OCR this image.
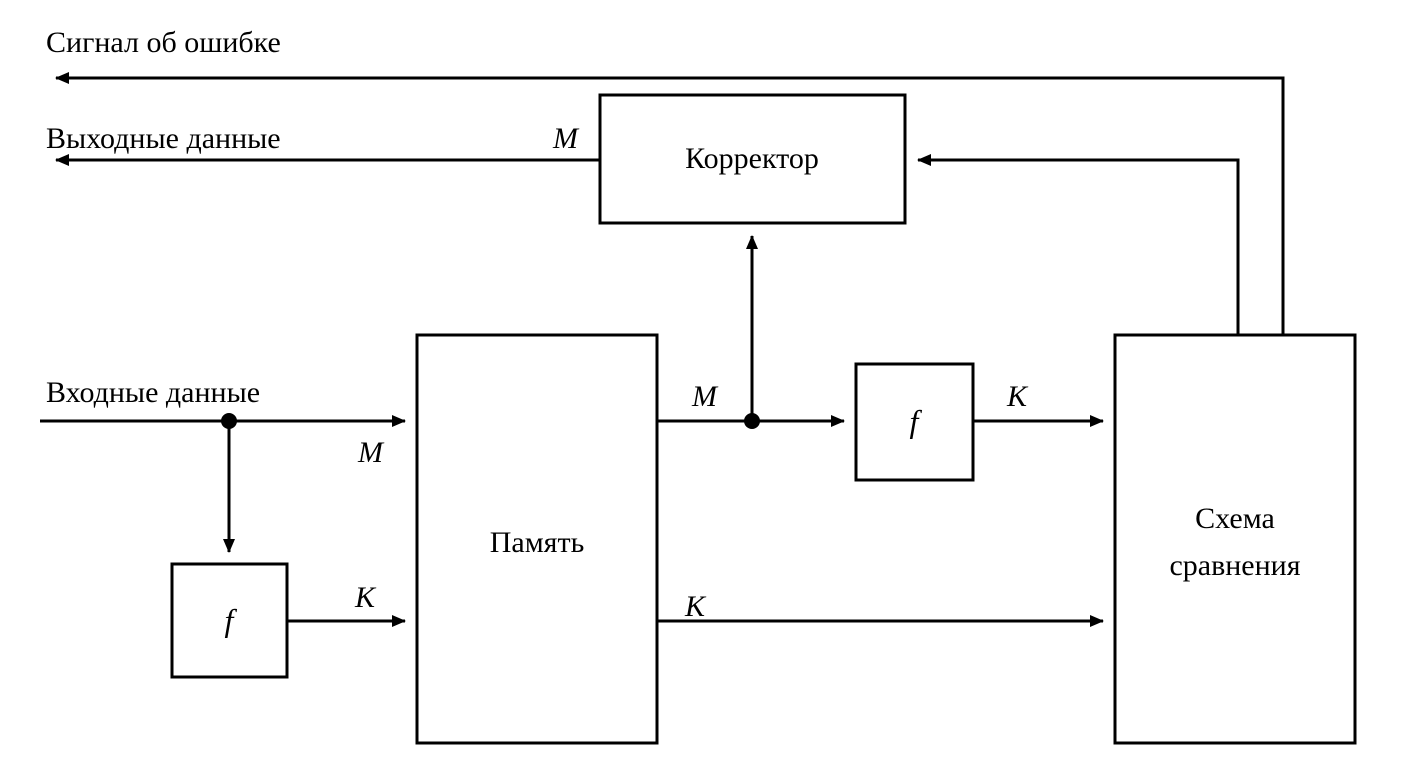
Корректор
Память
f
f
Схема
сравнения
Сигнал об ошибке
Выходные данные
Входные данные
M
M
M	K
K	K
